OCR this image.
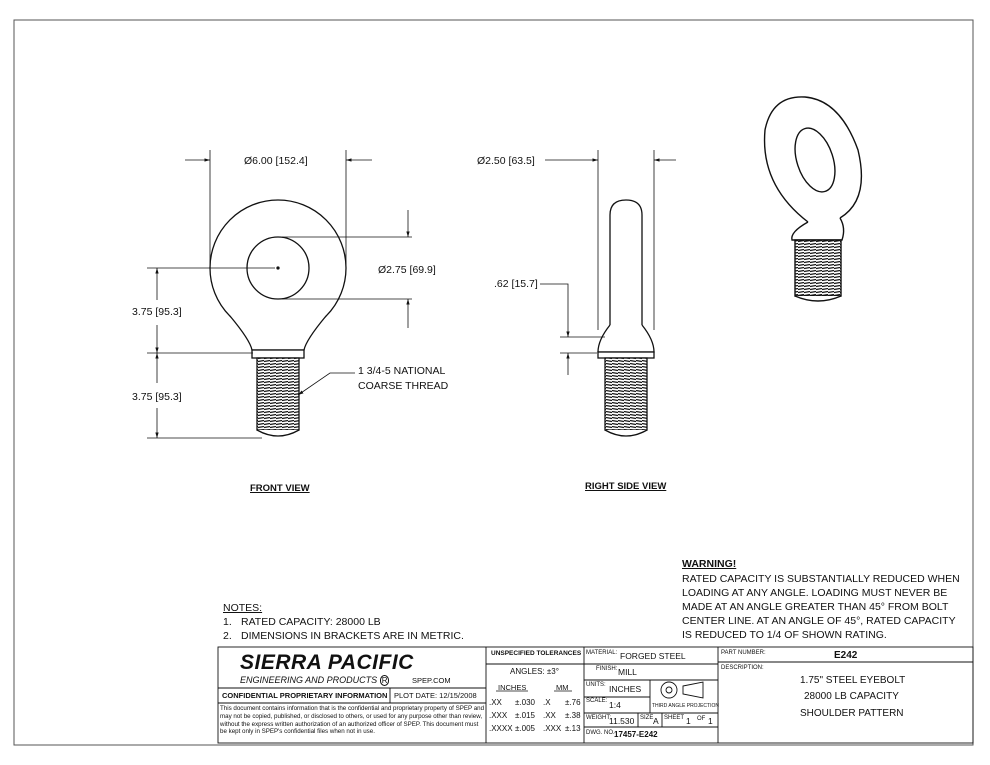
Ø6.00 [152.4]
Ø2.75 [69.9]
3.75 [95.3]
3.75 [95.3]
Ø2.50 [63.5]
.62 [15.7]
1 3/4-5 NATIONAL
COARSE THREAD
FRONT VIEW	RIGHT SIDE VIEW
WARNING!
RATED CAPACITY IS SUBSTANTIALLY REDUCED WHEN
LOADING AT ANY ANGLE. LOADING MUST NEVER BE
MADE AT AN ANGLE GREATER THAN 45° FROM BOLT
CENTER LINE. AT AN ANGLE OF 45°, RATED CAPACITY
IS REDUCED TO 1/4 OF SHOWN RATING.
NOTES:
1. RATED CAPACITY: 28000 LB
2. DIMENSIONS IN BRACKETS ARE IN METRIC.
SIERRA PACIFIC
ENGINEERING AND PRODUCTS R	SPEP.COM
CONFIDENTIAL PROPRIETARY INFORMATION PLOT DATE: 12/15/2008
This document contains information that is the confidential and proprietary property of SPEP and may not be copied, published, or disclosed to others, or used for any purpose other than review, without the express written authorization of an authorized officer of SPEP. This document must be kept only in SPEP's confidential files when not in use.
UNSPECIFIED TOLERANCES
ANGLES: ±3°
INCHES	MM
.XX ±.030 .X ±.76
.XXX ±.015 .XX ±.38
.XXXX ±.005 .XXX ±.13
MATERIAL: FORGED STEEL
FINISH: MILL
UNITS: INCHES
SCALE: 1:4	THIRD ANGLE PROJECTION
WEIGHT:
11.530 SIZE A SHEET 1 OF 1
DWG. NO. 17457-E242
PART NUMBER:	E242
DESCRIPTION:
1.75" STEEL EYEBOLT
28000 LB CAPACITY
SHOULDER PATTERN
